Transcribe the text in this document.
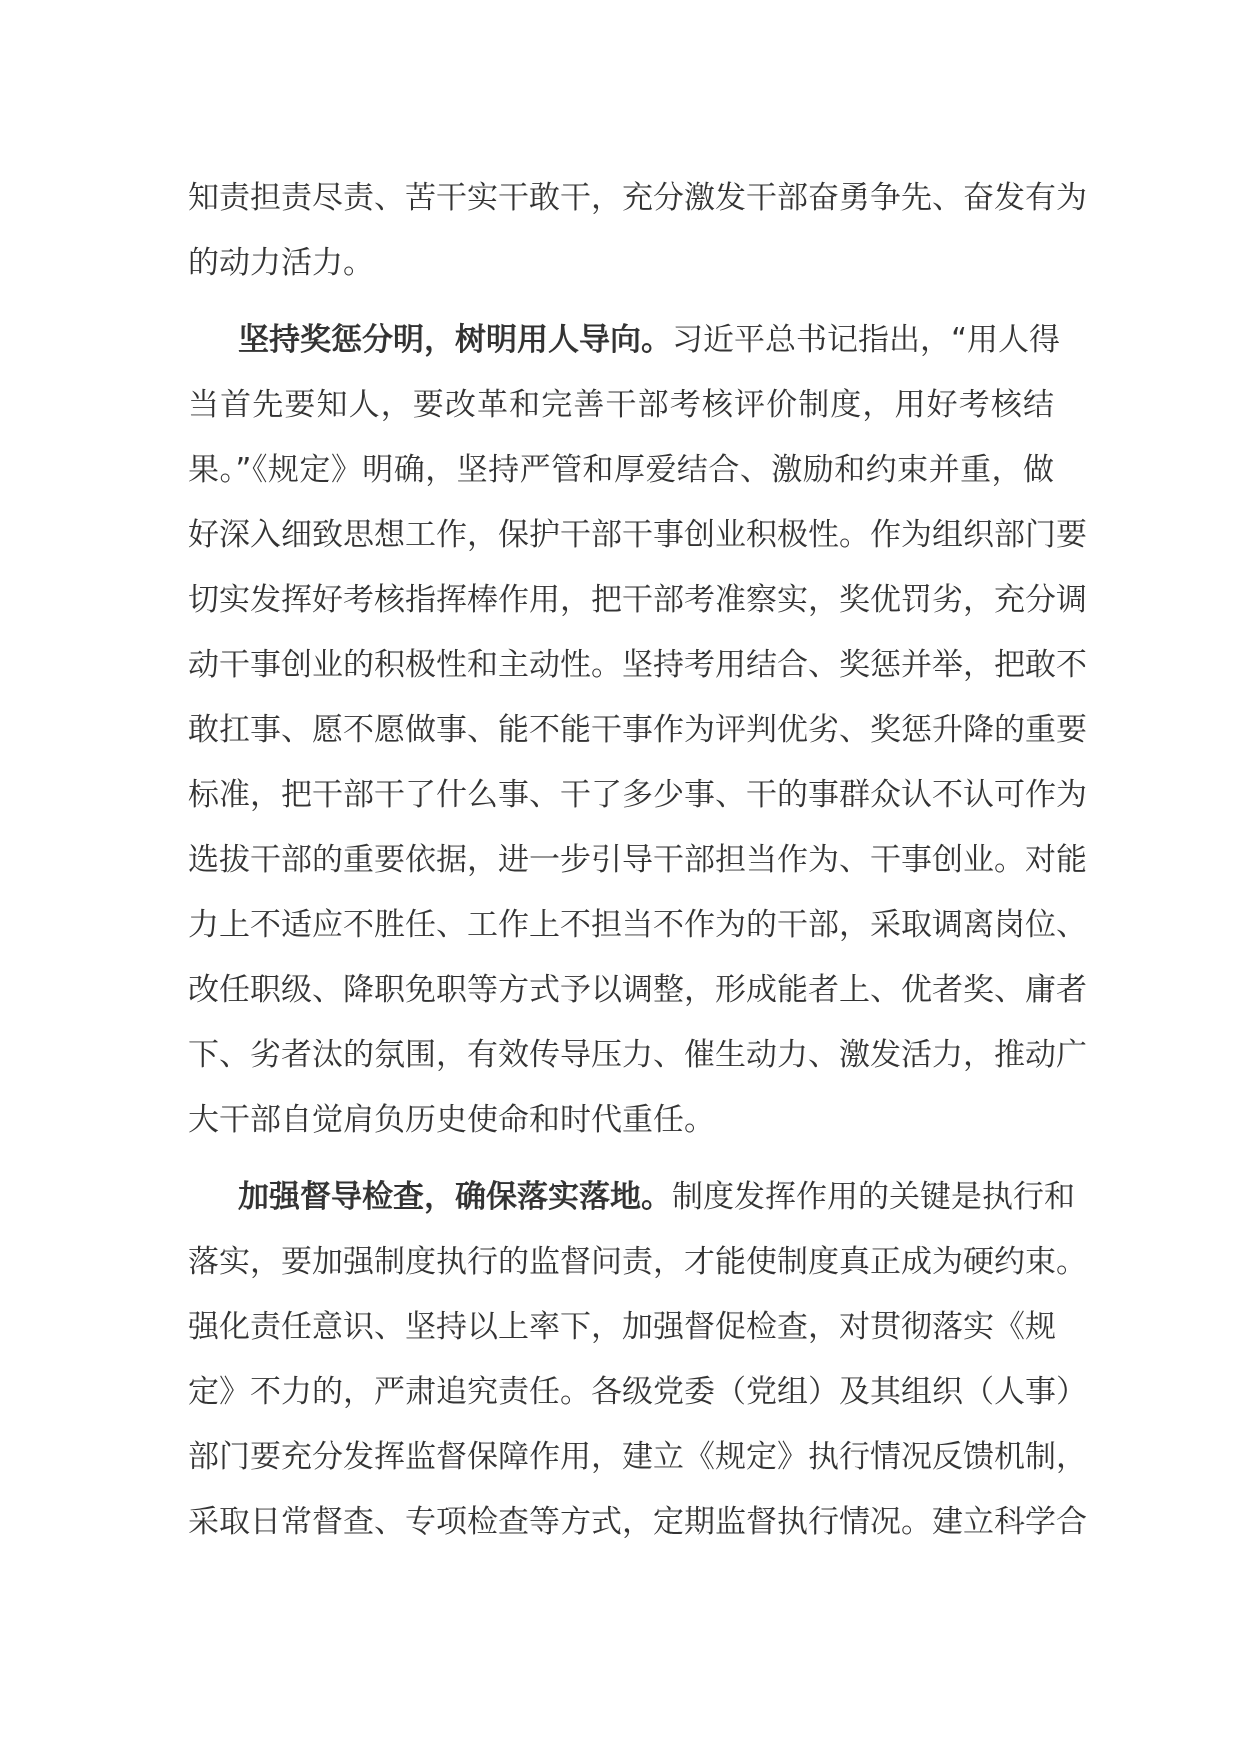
知责担责尽责、苦干实干敢干，充分激发干部奋勇争先、奋发有为
的动力活力。
坚持奖惩分明，树明用人导向。习近平总书记指出，“用人得
当首先要知人，要改革和完善干部考核评价制度，用好考核结
果。”《规定》明确，坚持严管和厚爱结合、激励和约束并重，做
好深入细致思想工作，保护干部干事创业积极性。作为组织部门要
切实发挥好考核指挥棒作用，把干部考准察实，奖优罚劣，充分调
动干事创业的积极性和主动性。坚持考用结合、奖惩并举，把敢不
敢扛事、愿不愿做事、能不能干事作为评判优劣、奖惩升降的重要
标准，把干部干了什么事、干了多少事、干的事群众认不认可作为
选拔干部的重要依据，进一步引导干部担当作为、干事创业。对能
力上不适应不胜任、工作上不担当不作为的干部，采取调离岗位、
改任职级、降职免职等方式予以调整，形成能者上、优者奖、庸者
下、劣者汰的氛围，有效传导压力、催生动力、激发活力，推动广
大干部自觉肩负历史使命和时代重任。
加强督导检查，确保落实落地。制度发挥作用的关键是执行和
落实，要加强制度执行的监督问责，才能使制度真正成为硬约束。
强化责任意识、坚持以上率下，加强督促检查，对贯彻落实《规
定》不力的，严肃追究责任。各级党委（党组）及其组织（人事）
部门要充分发挥监督保障作用，建立《规定》执行情况反馈机制，
采取日常督查、专项检查等方式，定期监督执行情况。建立科学合
